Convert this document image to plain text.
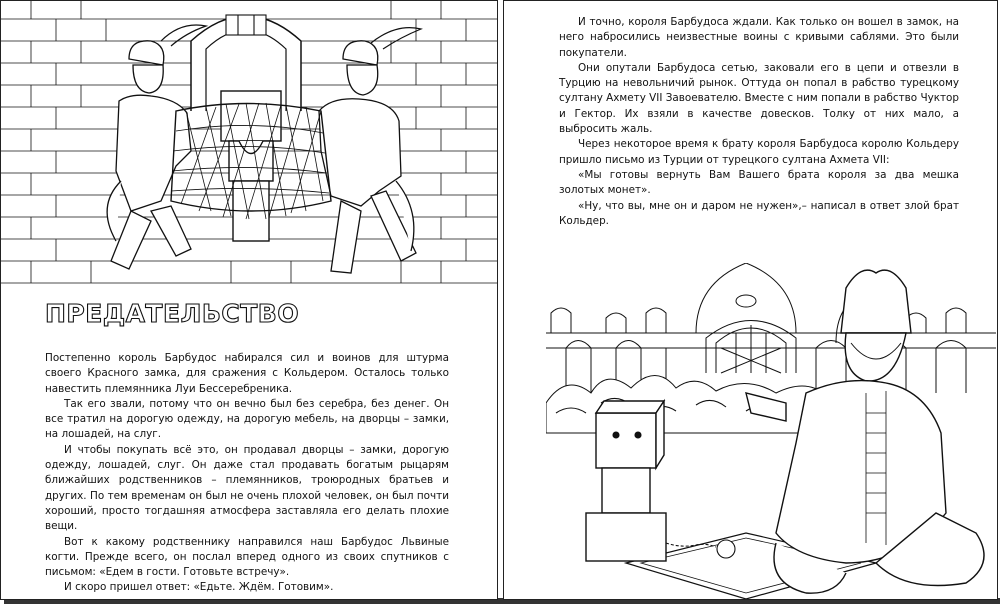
ПРЕДАТЕЛЬСТВО

Постепенно король Барбудос набирался сил и воинов для штурма своего Красного замка, для сражения с Кольдером. Осталось только навестить племянника Луи Бессеребреника.

Так его звали, потому что он вечно был без серебра, без денег. Он все тратил на дорогую одежду, на дорогую мебель, на дворцы – замки, на лошадей, на слуг.

И чтобы покупать всё это, он продавал дворцы – замки, дорогую одежду, лошадей, слуг. Он даже стал продавать богатым рыцарям ближайших родственников – племянников, троюродных братьев и других. По тем временам он был не очень плохой человек, он был почти хороший, просто тогдашняя атмосфера заставляла его делать плохие вещи.

Вот к какому родственнику направился наш Барбудос Львиные когти. Прежде всего, он послал вперед одного из своих спутников с письмом: «Едем в гости. Готовьте встречу».

И скоро пришел ответ: «Едьте. Ждём. Готовим».

И точно, короля Барбудоса ждали. Как только он вошел в замок, на него набросились неизвестные воины с кривыми саблями. Это были покупатели.

Они опутали Барбудоса сетью, заковали его в цепи и отвезли в Турцию на невольничий рынок. Оттуда он попал в рабство турецкому султану Ахмету VII Завоевателю. Вместе с ним попали в рабство Чуктор и Гектор. Их взяли в качестве довесков. Толку от них мало, а выбросить жаль.

Через некоторое время к брату короля Барбудоса королю Кольдеру пришло письмо из Турции от турецкого султана Ахмета VII:

«Мы готовы вернуть Вам Вашего брата короля за два мешка золотых монет».

«Ну, что вы, мне он и даром не нужен»,– написал в ответ злой брат Кольдер.
